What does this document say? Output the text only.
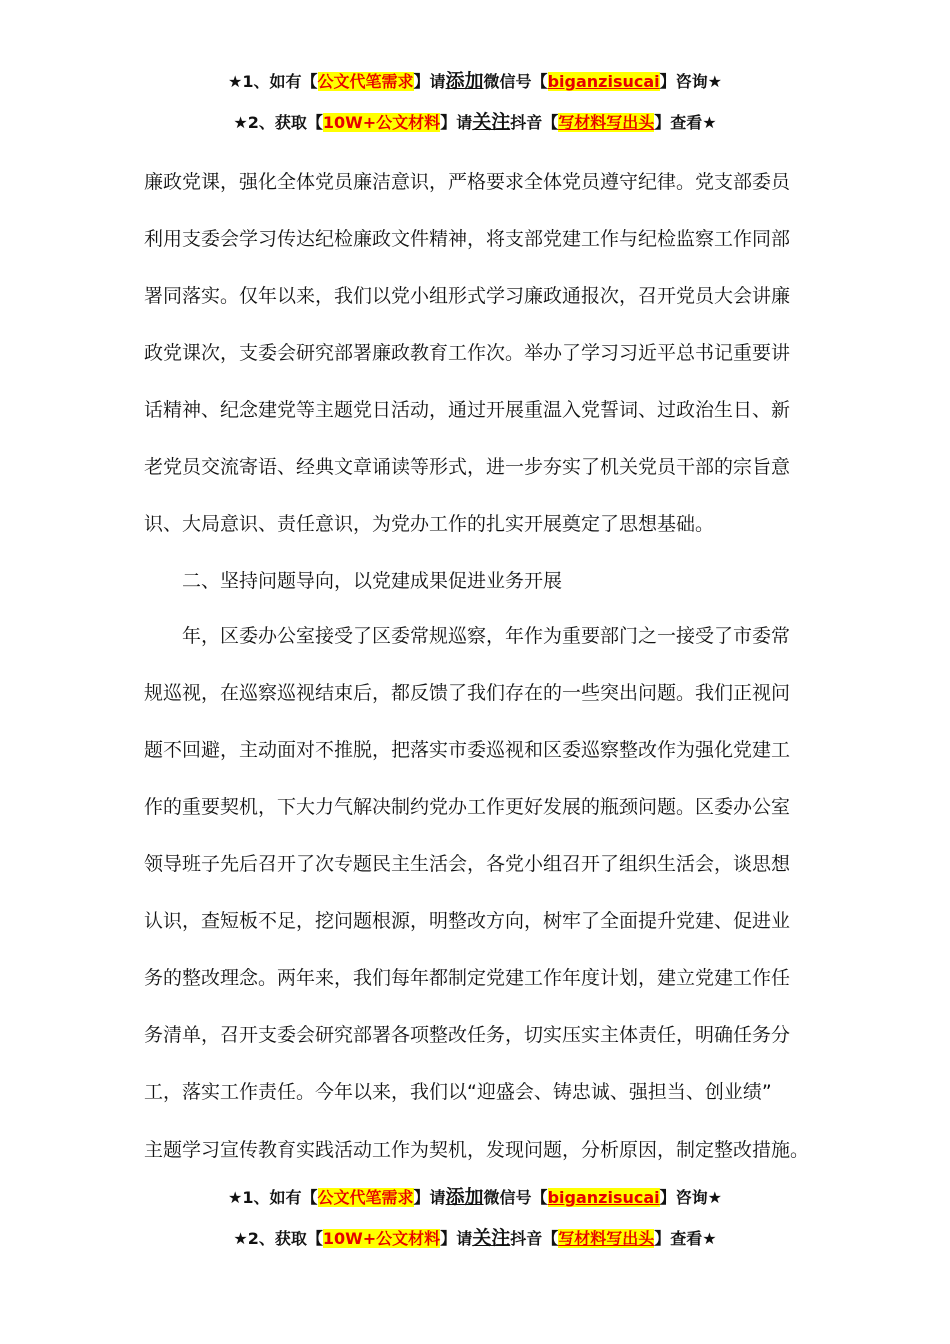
★1、如有【公文代笔需求】请添加微信号【biganzisucai】咨询★
★2、获取【10W+公文材料】请关注抖音【写材料写出头】查看★
廉政党课，强化全体党员廉洁意识，严格要求全体党员遵守纪律。党支部委员
利用支委会学习传达纪检廉政文件精神，将支部党建工作与纪检监察工作同部
署同落实。仅年以来，我们以党小组形式学习廉政通报次，召开党员大会讲廉
政党课次，支委会研究部署廉政教育工作次。举办了学习习近平总书记重要讲
话精神、纪念建党等主题党日活动，通过开展重温入党誓词、过政治生日、新
老党员交流寄语、经典文章诵读等形式，进一步夯实了机关党员干部的宗旨意
识、大局意识、责任意识，为党办工作的扎实开展奠定了思想基础。
　　二、坚持问题导向，以党建成果促进业务开展
　　年，区委办公室接受了区委常规巡察，年作为重要部门之一接受了市委常
规巡视，在巡察巡视结束后，都反馈了我们存在的一些突出问题。我们正视问
题不回避，主动面对不推脱，把落实市委巡视和区委巡察整改作为强化党建工
作的重要契机，下大力气解决制约党办工作更好发展的瓶颈问题。区委办公室
领导班子先后召开了次专题民主生活会，各党小组召开了组织生活会，谈思想
认识，查短板不足，挖问题根源，明整改方向，树牢了全面提升党建、促进业
务的整改理念。两年来，我们每年都制定党建工作年度计划，建立党建工作任
务清单，召开支委会研究部署各项整改任务，切实压实主体责任，明确任务分
工，落实工作责任。今年以来，我们以“迎盛会、铸忠诚、强担当、创业绩”
主题学习宣传教育实践活动工作为契机，发现问题，分析原因，制定整改措施。
★1、如有【公文代笔需求】请添加微信号【biganzisucai】咨询★
★2、获取【10W+公文材料】请关注抖音【写材料写出头】查看★
